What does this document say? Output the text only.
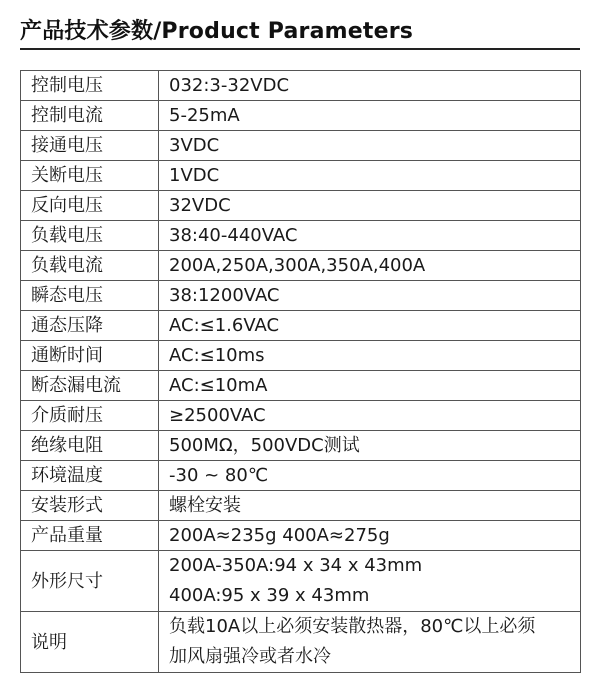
产品技术参数/Product Parameters
控制电压	032:3-32VDC
控制电流	5-25mA
接通电压	3VDC
关断电压	1VDC
反向电压	32VDC
负载电压	38:40-440VAC
负载电流	200A,250A,300A,350A,400A
瞬态电压	38:1200VAC
通态压降	AC:≤1.6VAC
通断时间	AC:≤10ms
断态漏电流	AC:≤10mA
介质耐压	≥2500VAC
绝缘电阻	500MΩ，500VDC测试
环境温度	-30 ~ 80℃
安装形式	螺栓安装
产品重量	200A≈235g 400A≈275g
外形尺寸	200A-350A:94 x 34 x 43mm
400A:95 x 39 x 43mm

说明	负载10A以上必须安装散热器，80℃以上必须
加风扇强冷或者水冷
